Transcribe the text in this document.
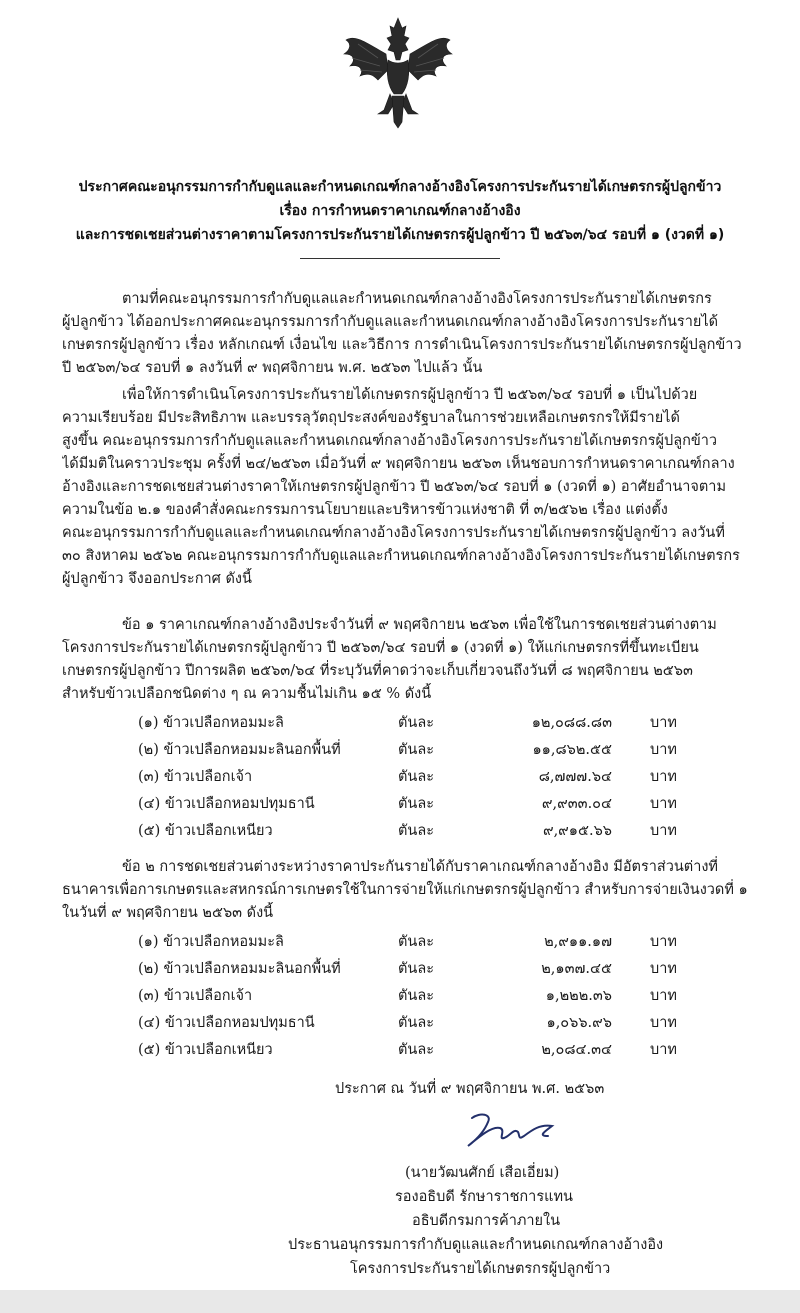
ประกาศคณะอนุกรรมการกำกับดูแลและกำหนดเกณฑ์กลางอ้างอิงโครงการประกันรายได้เกษตรกรผู้ปลูกข้าว
เรื่อง การกำหนดราคาเกณฑ์กลางอ้างอิง
และการชดเชยส่วนต่างราคาตามโครงการประกันรายได้เกษตรกรผู้ปลูกข้าว ปี ๒๕๖๓/๖๔ รอบที่ ๑ (งวดที่ ๑)
ตามที่คณะอนุกรรมการกำกับดูแลและกำหนดเกณฑ์กลางอ้างอิงโครงการประกันรายได้เกษตรกร
ผู้ปลูกข้าว ได้ออกประกาศคณะอนุกรรมการกำกับดูแลและกำหนดเกณฑ์กลางอ้างอิงโครงการประกันรายได้
เกษตรกรผู้ปลูกข้าว เรื่อง หลักเกณฑ์ เงื่อนไข และวิธีการ การดำเนินโครงการประกันรายได้เกษตรกรผู้ปลูกข้าว
ปี ๒๕๖๓/๖๔ รอบที่ ๑ ลงวันที่ ๙ พฤศจิกายน พ.ศ. ๒๕๖๓ ไปแล้ว นั้น
เพื่อให้การดำเนินโครงการประกันรายได้เกษตรกรผู้ปลูกข้าว ปี ๒๕๖๓/๖๔ รอบที่ ๑ เป็นไปด้วย
ความเรียบร้อย มีประสิทธิภาพ และบรรลุวัตถุประสงค์ของรัฐบาลในการช่วยเหลือเกษตรกรให้มีรายได้
สูงขึ้น คณะอนุกรรมการกำกับดูแลและกำหนดเกณฑ์กลางอ้างอิงโครงการประกันรายได้เกษตรกรผู้ปลูกข้าว
ได้มีมติในคราวประชุม ครั้งที่ ๒๔/๒๕๖๓ เมื่อวันที่ ๙ พฤศจิกายน ๒๕๖๓ เห็นชอบการกำหนดราคาเกณฑ์กลาง
อ้างอิงและการชดเชยส่วนต่างราคาให้เกษตรกรผู้ปลูกข้าว ปี ๒๕๖๓/๖๔ รอบที่ ๑ (งวดที่ ๑) อาศัยอำนาจตาม
ความในข้อ ๒.๑ ของคำสั่งคณะกรรมการนโยบายและบริหารข้าวแห่งชาติ ที่ ๓/๒๕๖๒ เรื่อง แต่งตั้ง
คณะอนุกรรมการกำกับดูแลและกำหนดเกณฑ์กลางอ้างอิงโครงการประกันรายได้เกษตรกรผู้ปลูกข้าว ลงวันที่
๓๐ สิงหาคม ๒๕๖๒ คณะอนุกรรมการกำกับดูแลและกำหนดเกณฑ์กลางอ้างอิงโครงการประกันรายได้เกษตรกร
ผู้ปลูกข้าว จึงออกประกาศ ดังนี้
ข้อ ๑ ราคาเกณฑ์กลางอ้างอิงประจำวันที่ ๙ พฤศจิกายน ๒๕๖๓ เพื่อใช้ในการชดเชยส่วนต่างตาม
โครงการประกันรายได้เกษตรกรผู้ปลูกข้าว ปี ๒๕๖๓/๖๔ รอบที่ ๑ (งวดที่ ๑) ให้แก่เกษตรกรที่ขึ้นทะเบียน
เกษตรกรผู้ปลูกข้าว ปีการผลิต ๒๕๖๓/๖๔ ที่ระบุวันที่คาดว่าจะเก็บเกี่ยวจนถึงวันที่ ๘ พฤศจิกายน ๒๕๖๓
สำหรับข้าวเปลือกชนิดต่าง ๆ ณ ความชื้นไม่เกิน ๑๕ % ดังนี้
(๑) ข้าวเปลือกหอมมะลิ	ตันละ	๑๒,๐๘๘.๘๓	บาท
(๒) ข้าวเปลือกหอมมะลินอกพื้นที่	ตันละ	๑๑,๘๖๒.๕๕	บาท
(๓) ข้าวเปลือกเจ้า	ตันละ	๘,๗๗๗.๖๔	บาท
(๔) ข้าวเปลือกหอมปทุมธานี	ตันละ	๙,๙๓๓.๐๔	บาท
(๕) ข้าวเปลือกเหนียว	ตันละ	๙,๙๑๕.๖๖	บาท
ข้อ ๒ การชดเชยส่วนต่างระหว่างราคาประกันรายได้กับราคาเกณฑ์กลางอ้างอิง มีอัตราส่วนต่างที่
ธนาคารเพื่อการเกษตรและสหกรณ์การเกษตรใช้ในการจ่ายให้แก่เกษตรกรผู้ปลูกข้าว สำหรับการจ่ายเงินงวดที่ ๑
ในวันที่ ๙ พฤศจิกายน ๒๕๖๓ ดังนี้
(๑) ข้าวเปลือกหอมมะลิ	ตันละ	๒,๙๑๑.๑๗	บาท
(๒) ข้าวเปลือกหอมมะลินอกพื้นที่	ตันละ	๒,๑๓๗.๔๕	บาท
(๓) ข้าวเปลือกเจ้า	ตันละ	๑,๒๒๒.๓๖	บาท
(๔) ข้าวเปลือกหอมปทุมธานี	ตันละ	๑,๐๖๖.๙๖	บาท
(๕) ข้าวเปลือกเหนียว	ตันละ	๒,๐๘๔.๓๔	บาท
ประกาศ ณ วันที่ ๙ พฤศจิกายน พ.ศ. ๒๕๖๓
(นายวัฒนศักย์ เสือเอี่ยม)
รองอธิบดี รักษาราชการแทน
อธิบดีกรมการค้าภายใน
ประธานอนุกรรมการกำกับดูแลและกำหนดเกณฑ์กลางอ้างอิง
โครงการประกันรายได้เกษตรกรผู้ปลูกข้าว
